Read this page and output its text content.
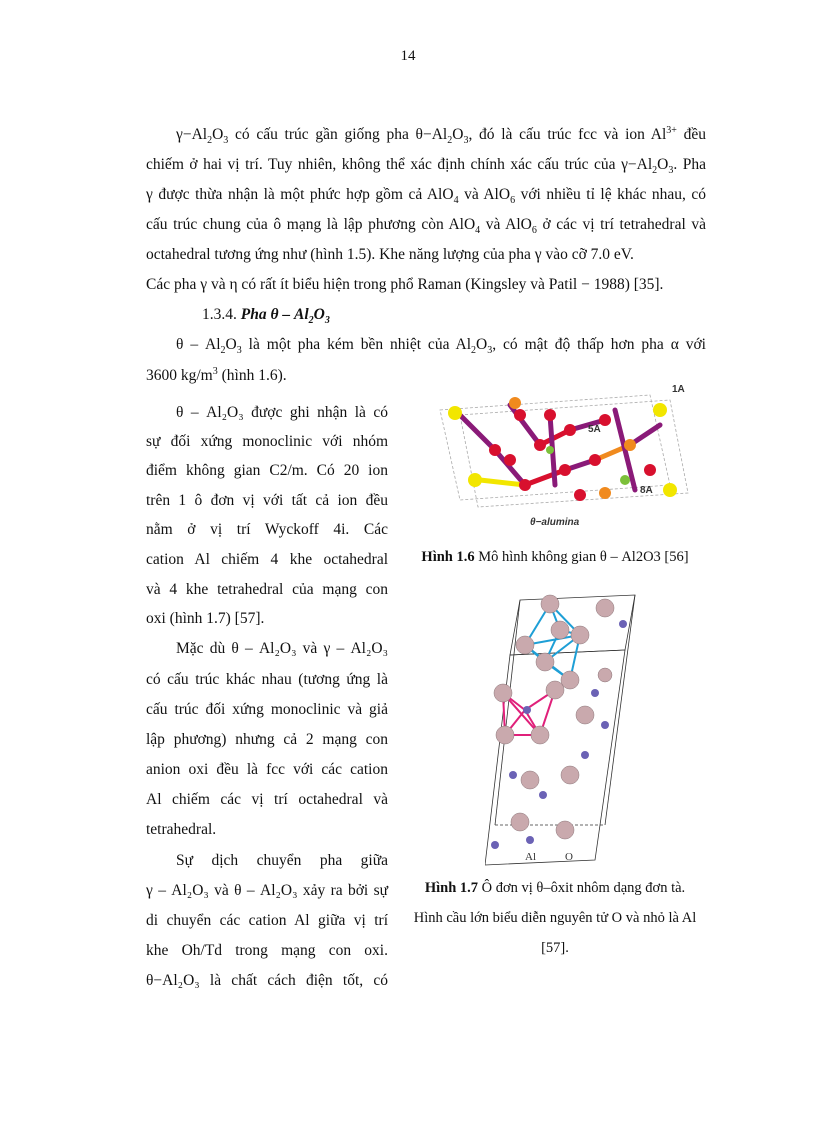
14
$\gamma-Al_2O_3$ có cấu trúc gần giống pha $\theta-Al_2O_3$, đó là cấu trúc fcc và ion $Al^{3+}$ đều
chiếm ở hai vị trí. Tuy nhiên, không thể xác định chính xác cấu trúc của $\gamma-Al_2O_3$. Pha
γ được thừa nhận là một phức hợp gồm cả AlO$_4$ và AlO$_6$ với nhiều tỉ lệ khác nhau, có
cấu trúc chung của ô mạng là lập phương còn AlO$_4$ và AlO$_6$ ở các vị trí tetrahedral và
octahedral tương ứng như (hình 1.5). Khe năng lượng của pha γ vào cỡ 7.0 eV.
Các pha γ và η có rất ít biểu hiện trong phổ Raman (Kingsley và Patil − 1988) [35].
1.3.4. Pha θ – $Al_2O_3$
θ – $Al_2O_3$ là một pha kém bền nhiệt của $Al_2O_3$, có mật độ thấp hơn pha α với
3600 $kg/m^3$ (hình 1.6).
θ – Al₂O₃ được ghi nhận là có
sự đối xứng monoclinic với nhóm
điểm không gian C2/m. Có 20 ion
trên 1 ô đơn vị với tất cả ion đều
nằm ở vị trí Wyckoff 4i. Các
cation Al chiếm 4 khe octahedral
và 4 khe tetrahedral của mạng con
oxi (hình 1.7) [57].
Mặc dù θ – Al₂O₃ và γ – Al₂O₃
có cấu trúc khác nhau (tương ứng là
cấu trúc đối xứng monoclinic và giả
lập phương) nhưng cả 2 mạng con
anion oxi đều là fcc với các cation
Al chiếm các vị trí octahedral và
tetrahedral.
Sự dịch chuyển pha giữa
γ – Al₂O₃ và θ – Al₂O₃ xảy ra bởi sự
di chuyển các cation Al giữa vị trí
khe Oh/Td trong mạng con oxi.
θ−Al₂O₃ là chất cách điện tốt, có
1A
5A
8A
θ−alumina
Hình 1.6 Mô hình không gian θ – Al2O3 [56]
Al	O
Hình 1.7 Ô đơn vị θ–ôxit nhôm dạng đơn tà.
Hình cầu lớn biểu diễn nguyên tử O và nhỏ là Al
[57].
